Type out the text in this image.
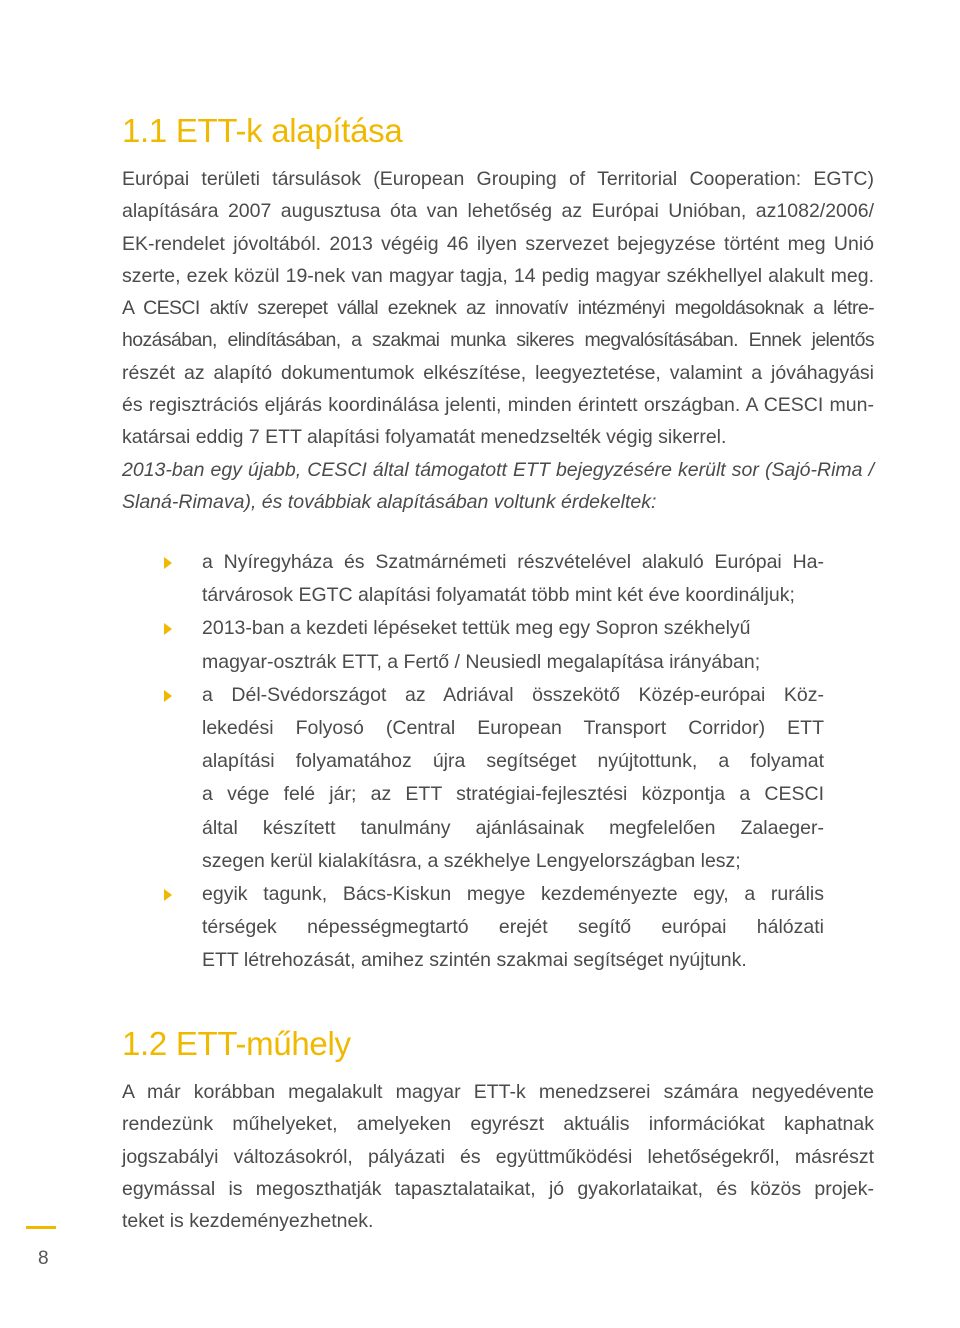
1.1 ETT-k alapítása
Európai területi társulások (European Grouping of Territorial Cooperation: EGTC)
alapítására 2007 augusztusa óta van lehetőség az Európai Unióban, az1082/2006/
EK-rendelet jóvoltából. 2013 végéig 46 ilyen szervezet bejegyzése történt meg Unió
szerte, ezek közül 19-nek van magyar tagja, 14 pedig magyar székhellyel alakult meg.
A CESCI aktív szerepet vállal ezeknek az innovatív intézményi megoldásoknak a létre-
hozásában, elindításában, a szakmai munka sikeres megvalósításában. Ennek jelentős
részét az alapító dokumentumok elkészítése, leegyeztetése, valamint a jóváhagyási
és regisztrációs eljárás koordinálása jelenti, minden érintett országban. A CESCI mun-
katársai eddig 7 ETT alapítási folyamatát menedzselték végig sikerrel.
2013-ban egy újabb, CESCI által támogatott ETT bejegyzésére került sor (Sajó-Rima /
Slaná-Rimava), és továbbiak alapításában voltunk érdekeltek:
a Nyíregyháza és Szatmárnémeti részvételével alakuló Európai Ha-
tárvárosok EGTC alapítási folyamatát több mint két éve koordináljuk;
2013-ban a kezdeti lépéseket tettük meg egy Sopron székhelyű
magyar-osztrák ETT, a Fertő / Neusiedl megalapítása irányában;
a Dél-Svédországot az Adriával összekötő Közép-európai Köz-
lekedési Folyosó (Central European Transport Corridor) ETT
alapítási folyamatához újra segítséget nyújtottunk, a folyamat
a vége felé jár; az ETT stratégiai-fejlesztési központja a CESCI
által készített tanulmány ajánlásainak megfelelően Zalaeger-
szegen kerül kialakításra, a székhelye Lengyelországban lesz;
egyik tagunk, Bács-Kiskun megye kezdeményezte egy, a rurális
térségek népességmegtartó erejét segítő európai hálózati
ETT létrehozását, amihez szintén szakmai segítséget nyújtunk.
1.2 ETT-műhely
A már korábban megalakult magyar ETT-k menedzserei számára negyedévente
rendezünk műhelyeket, amelyeken egyrészt aktuális információkat kaphatnak
jogszabályi változásokról, pályázati és együttműködési lehetőségekről, másrészt
egymással is megoszthatják tapasztalataikat, jó gyakorlataikat, és közös projek-
teket is kezdeményezhetnek.
8
